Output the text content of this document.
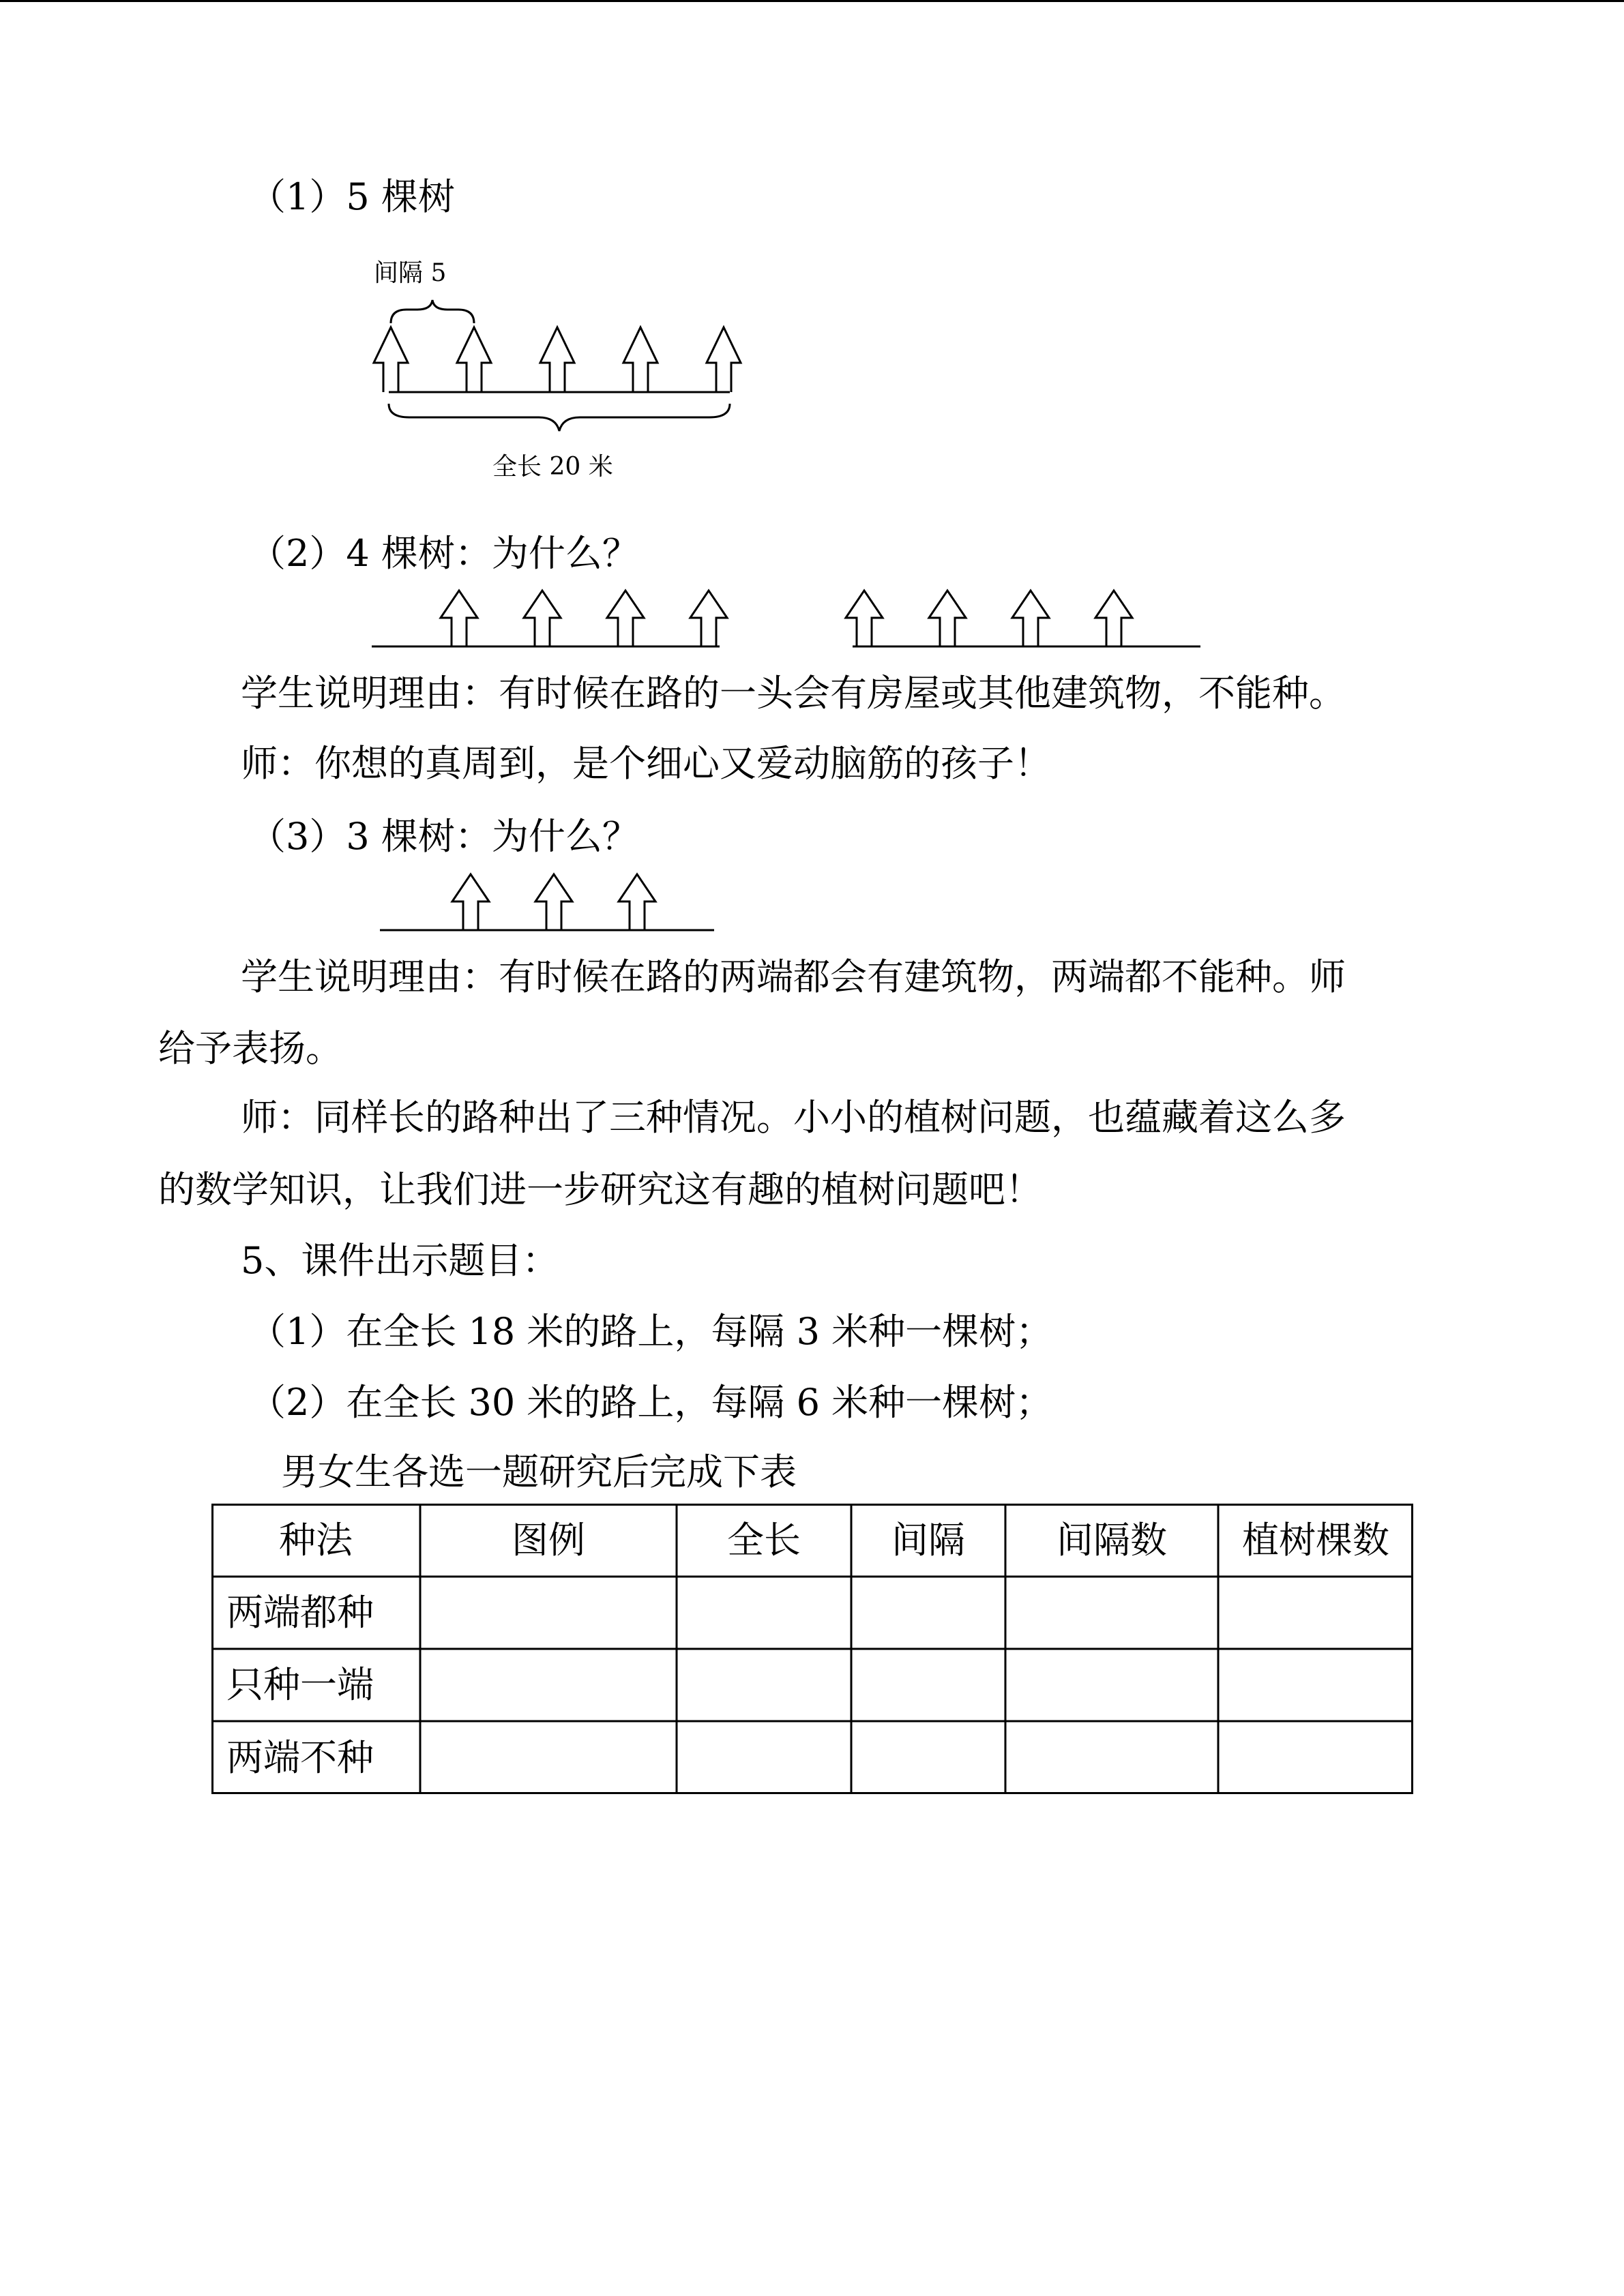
（1）5 棵树
间隔 5
全长 20 米
（2）4 棵树：为什么？
学生说明理由：有时候在路的一头会有房屋或其他建筑物，不能种。
师：你想的真周到，是个细心又爱动脑筋的孩子！
（3）3 棵树：为什么？
学生说明理由：有时候在路的两端都会有建筑物，两端都不能种。师
给予表扬。
师：同样长的路种出了三种情况。小小的植树问题，也蕴藏着这么多
的数学知识，让我们进一步研究这有趣的植树问题吧！
5、课件出示题目：
（1）在全长 18 米的路上，每隔 3 米种一棵树；
（2）在全长 30 米的路上，每隔 6 米种一棵树；
男女生各选一题研究后完成下表
种法	图例	全长	间隔	间隔数	植树棵数
两端都种
只种一端
两端不种
